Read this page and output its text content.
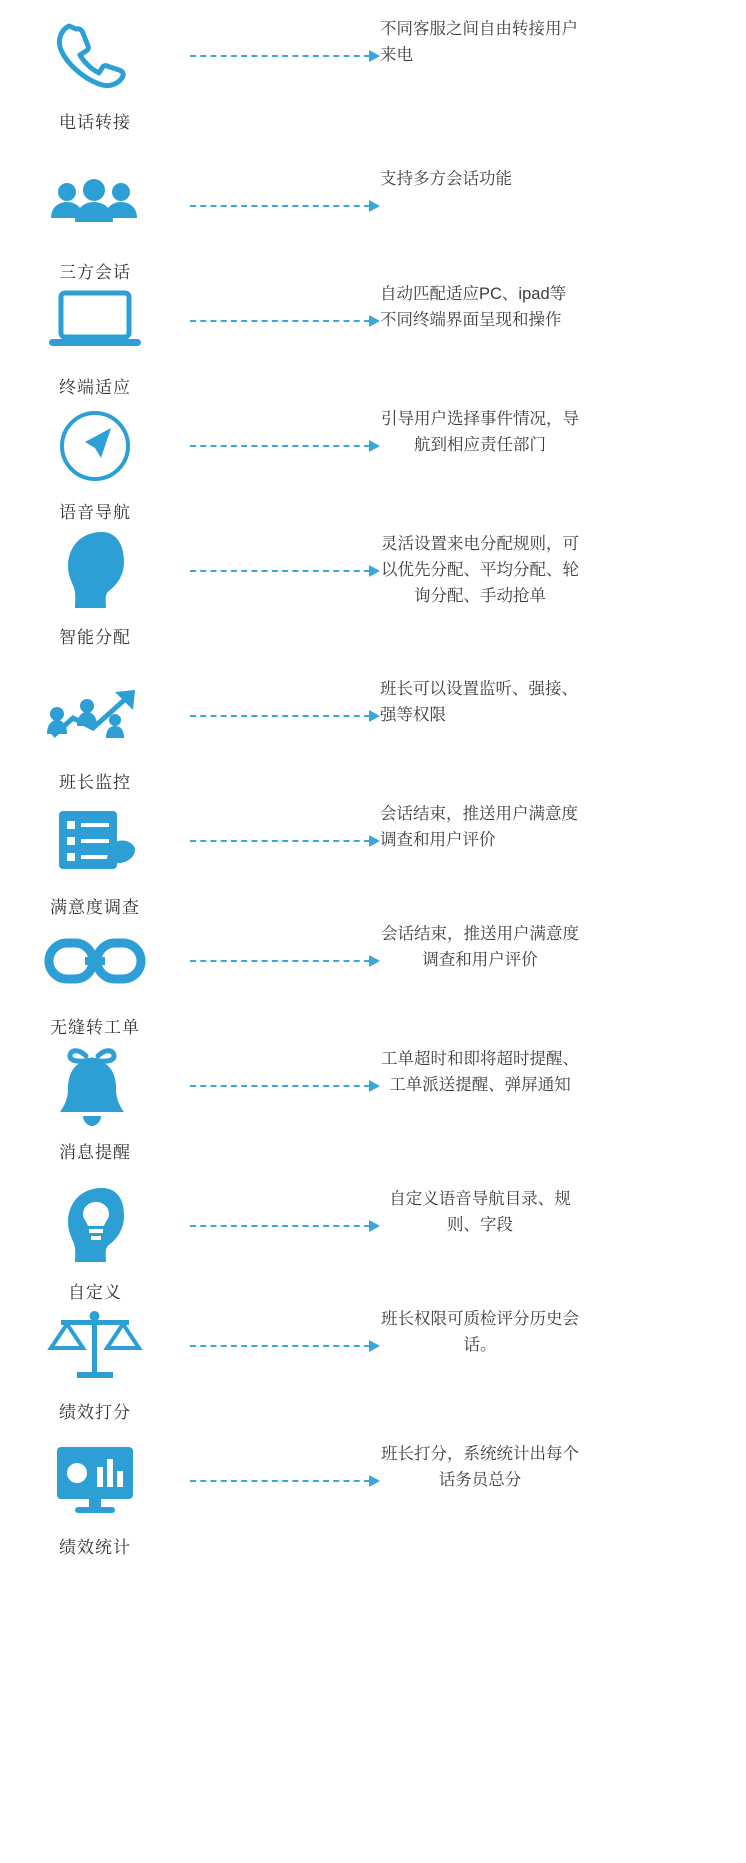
电话转接
不同客服之间自由转接用户来电
三方会话
支持多方会话功能
终端适应
自动匹配适应PC、ipad等不同终端界面呈现和操作
语音导航
引导用户选择事件情况，导航到相应责任部门
智能分配
灵活设置来电分配规则，可以优先分配、平均分配、轮询分配、手动抢单
班长监控
班长可以设置监听、强接、强等权限
满意度调查
会话结束，推送用户满意度调查和用户评价
无缝转工单
会话结束，推送用户满意度调查和用户评价
消息提醒
工单超时和即将超时提醒、工单派送提醒、弹屏通知
自定义
自定义语音导航目录、规则、字段
绩效打分
班长权限可质检评分历史会话。
绩效统计
班长打分，系统统计出每个话务员总分
